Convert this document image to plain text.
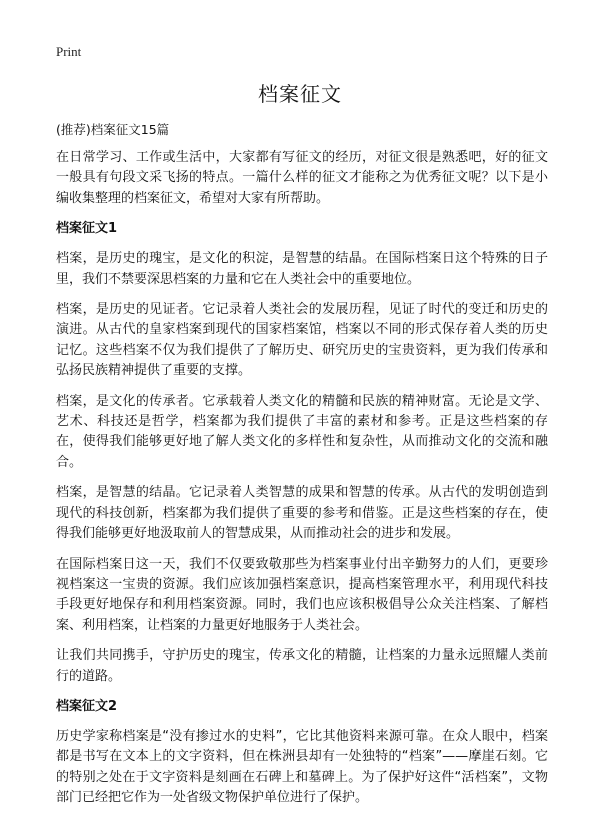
Print
档案征文
(推荐)档案征文15篇

在日常学习、工作或生活中，大家都有写征文的经历，对征文很是熟悉吧，好的征文一般具有句段文采飞扬的特点。一篇什么样的征文才能称之为优秀征文呢？以下是小编收集整理的档案征文，希望对大家有所帮助。

档案征文1

档案，是历史的瑰宝，是文化的积淀，是智慧的结晶。在国际档案日这个特殊的日子里，我们不禁要深思档案的力量和它在人类社会中的重要地位。

档案，是历史的见证者。它记录着人类社会的发展历程，见证了时代的变迁和历史的演进。从古代的皇家档案到现代的国家档案馆，档案以不同的形式保存着人类的历史记忆。这些档案不仅为我们提供了了解历史、研究历史的宝贵资料，更为我们传承和弘扬民族精神提供了重要的支撑。

档案，是文化的传承者。它承载着人类文化的精髓和民族的精神财富。无论是文学、艺术、科技还是哲学，档案都为我们提供了丰富的素材和参考。正是这些档案的存在，使得我们能够更好地了解人类文化的多样性和复杂性，从而推动文化的交流和融合。

档案，是智慧的结晶。它记录着人类智慧的成果和智慧的传承。从古代的发明创造到现代的科技创新，档案都为我们提供了重要的参考和借鉴。正是这些档案的存在，使得我们能够更好地汲取前人的智慧成果，从而推动社会的进步和发展。

在国际档案日这一天，我们不仅要致敬那些为档案事业付出辛勤努力的人们，更要珍视档案这一宝贵的资源。我们应该加强档案意识，提高档案管理水平，利用现代科技手段更好地保存和利用档案资源。同时，我们也应该积极倡导公众关注档案、了解档案、利用档案，让档案的力量更好地服务于人类社会。

让我们共同携手，守护历史的瑰宝，传承文化的精髓，让档案的力量永远照耀人类前行的道路。

档案征文2

历史学家称档案是“没有掺过水的史料”，它比其他资料来源可靠。在众人眼中，档案都是书写在文本上的文字资料，但在株洲县却有一处独特的“档案”——摩崖石刻。它的特别之处在于文字资料是刻画在石碑上和墓碑上。为了保护好这件“活档案”，文物部门已经把它作为一处省级文物保护单位进行了保护。
